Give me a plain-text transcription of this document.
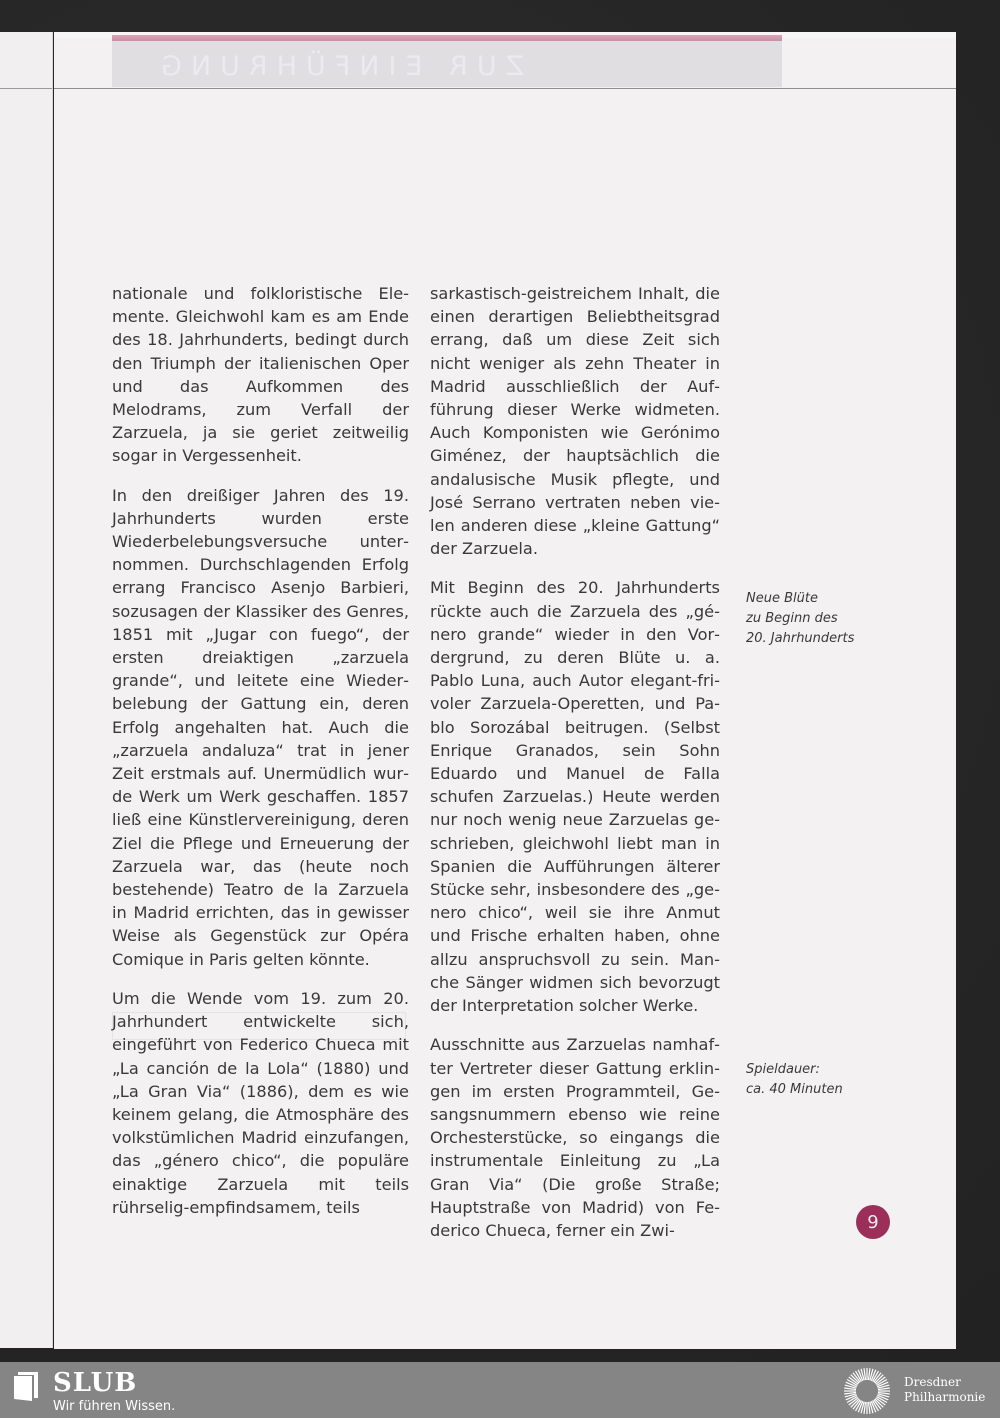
ZUR EINFÜHRUNG

nationale und folkloristische Elemente. Gleichwohl kam es am Ende des 18. Jahrhunderts, bedingt durch den Triumph der italienischen Oper und das Aufkommen des Melodrams, zum Verfall der Zarzuela, ja sie geriet zeitweilig sogar in Vergessenheit.

In den dreißiger Jahren des 19. Jahrhunderts wurden erste Wiederbelebungsversuche unternommen. Durchschlagenden Erfolg errang Francisco Asenjo Barbieri, sozusagen der Klassiker des Genres, 1851 mit „Jugar con fuego“, der ersten dreiaktigen „zarzuela grande“, und leitete eine Wiederbelebung der Gattung ein, deren Erfolg angehalten hat. Auch die „zarzuela andaluza“ trat in jener Zeit erstmals auf. Unermüdlich wurde Werk um Werk geschaffen. 1857 ließ eine Künstlervereinigung, deren Ziel die Pflege und Erneuerung der Zarzuela war, das (heute noch bestehende) Teatro de la Zarzuela in Madrid errichten, das in gewisser Weise als Gegenstück zur Opéra Comique in Paris gelten könnte.

Um die Wende vom 19. zum 20. Jahrhundert entwickelte sich, eingeführt von Federico Chueca mit „La canción de la Lola“ (1880) und „La Gran Via“ (1886), dem es wie keinem gelang, die Atmosphäre des volkstümlichen Madrid einzufangen, das „género chico“, die populäre einaktige Zarzuela mit teils rührselig-empfindsamem, teils

sarkastisch-geistreichem Inhalt, die einen derartigen Beliebtheitsgrad errang, daß um diese Zeit sich nicht weniger als zehn Theater in Madrid ausschließlich der Aufführung dieser Werke widmeten. Auch Komponisten wie Gerónimo Giménez, der hauptsächlich die andalusische Musik pflegte, und José Serrano vertraten neben vielen anderen diese „kleine Gattung“ der Zarzuela.

Mit Beginn des 20. Jahrhunderts rückte auch die Zarzuela des „género grande“ wieder in den Vordergrund, zu deren Blüte u. a. Pablo Luna, auch Autor elegant-frivoler Zarzuela-Operetten, und Pablo Sorozábal beitrugen. (Selbst Enrique Granados, sein Sohn Eduardo und Manuel de Falla schufen Zarzuelas.) Heute werden nur noch wenig neue Zarzuelas geschrieben, gleichwohl liebt man in Spanien die Aufführungen älterer Stücke sehr, insbesondere des „genero chico“, weil sie ihre Anmut und Frische erhalten haben, ohne allzu anspruchsvoll zu sein. Manche Sänger widmen sich bevorzugt der Interpretation solcher Werke.

Ausschnitte aus Zarzuelas namhafter Vertreter dieser Gattung erklingen im ersten Programmteil, Gesangsnummern ebenso wie reine Orchesterstücke, so eingangs die instrumentale Einleitung zu „La Gran Via“ (Die große Straße; Hauptstraße von Madrid) von Federico Chueca, ferner ein Zwi-

Neue Blüte
zu Beginn des
20. Jahrhunderts
Spieldauer:
ca. 40 Minuten
9
SLUB
Wir führen Wissen.
Dresdner
Philharmonie
